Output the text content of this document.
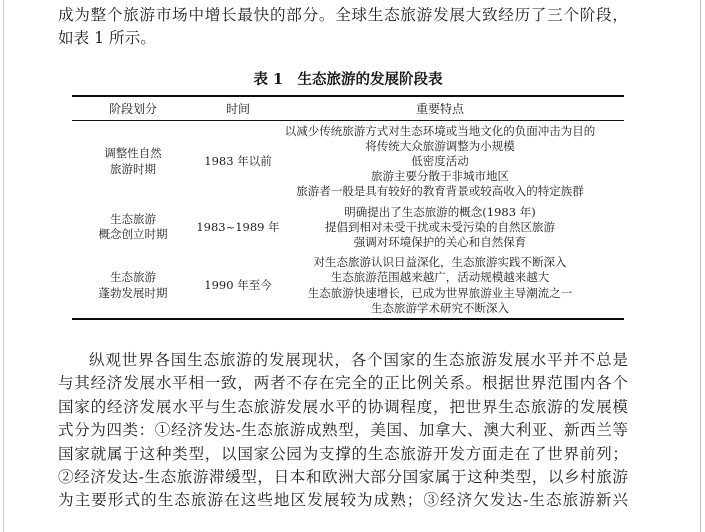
成为整个旅游市场中增长最快的部分。全球生态旅游发展大致经历了三个阶段，
如表 1 所示。
表 1　生态旅游的发展阶段表
阶段划分	时间	重要特点
调整性自然
旅游时期
1983 年以前
以减少传统旅游方式对生态环境或当地文化的负面冲击为目的
将传统大众旅游调整为小规模
低密度活动
旅游主要分散于非城市地区
旅游者一般是具有较好的教育背景或较高收入的特定族群
生态旅游
概念创立时期
1983~1989 年
明确提出了生态旅游的概念(1983 年)
提倡到相对未受干扰或未受污染的自然区旅游
强调对环境保护的关心和自然保育
生态旅游
蓬勃发展时期
1990 年至今
对生态旅游认识日益深化，生态旅游实践不断深入
生态旅游范围越来越广，活动规模越来越大
生态旅游快速增长，已成为世界旅游业主导潮流之一
生态旅游学术研究不断深入
纵观世界各国生态旅游的发展现状，各个国家的生态旅游发展水平并不总是
与其经济发展水平相一致，两者不存在完全的正比例关系。根据世界范围内各个
国家的经济发展水平与生态旅游发展水平的协调程度，把世界生态旅游的发展模
式分为四类：①经济发达-生态旅游成熟型，美国、加拿大、澳大利亚、新西兰等
国家就属于这种类型，以国家公园为支撑的生态旅游开发方面走在了世界前列；
②经济发达-生态旅游滞缓型，日本和欧洲大部分国家属于这种类型，以乡村旅游
为主要形式的生态旅游在这些地区发展较为成熟；③经济欠发达-生态旅游新兴
